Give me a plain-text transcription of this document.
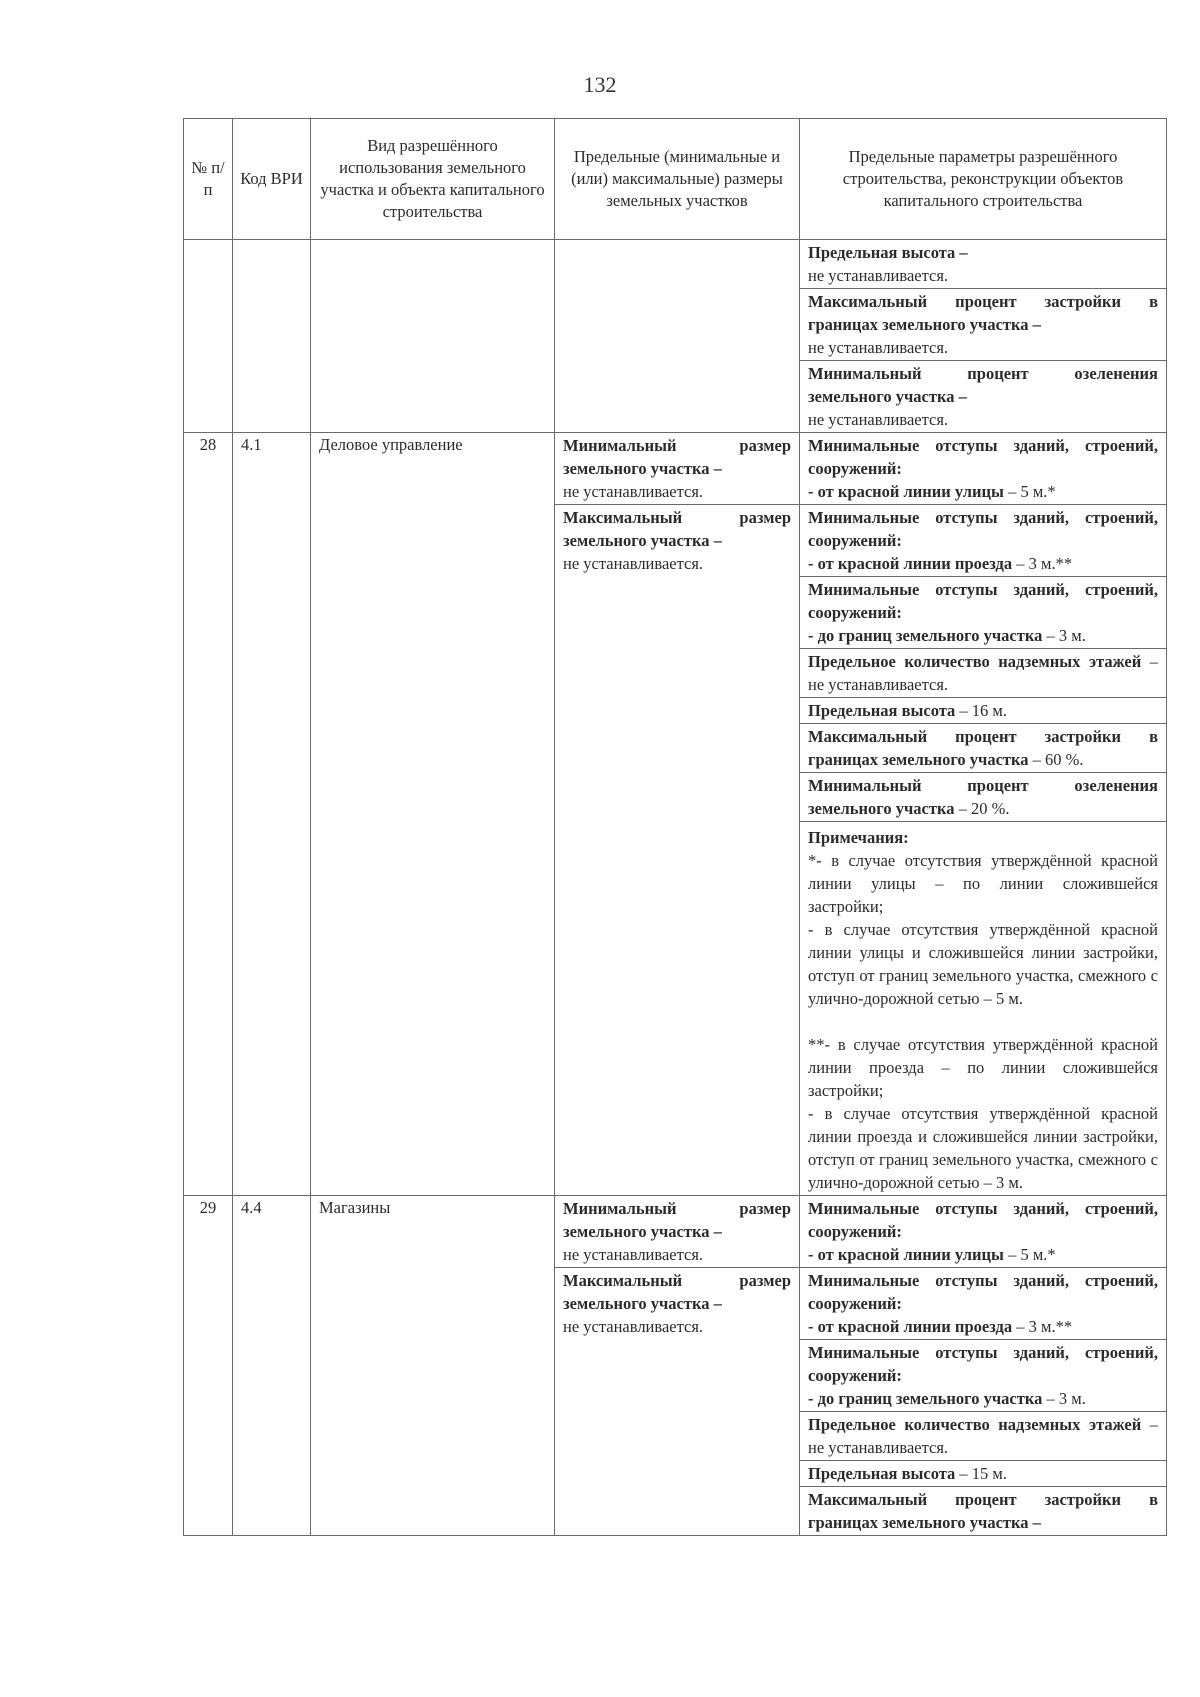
132
№ п/п	Код ВРИ	Вид разрешённого использования земельного участка и объекта капитального строительства	Предельные (минимальные и (или) максимальные) размеры земельных участков	Предельные параметры разрешённого строительства, реконструкции объектов капитального строительства

				Предельная высота –
не устанавливается.

				Максимальный процент застройки в границах земельного участка –
не устанавливается.

				Минимальный процент озеленения земельного участка –
не устанавливается.

28	4.1	Деловое управление	Минимальный размер земельного участка –
не устанавливается.	Минимальные отступы зданий, строений, сооружений:
- от красной линии улицы – 5 м.*

			Максимальный размер земельного участка –
не устанавливается.	Минимальные отступы зданий, строений, сооружений:
- от красной линии проезда – 3 м.**

				Минимальные отступы зданий, строений, сооружений:
- до границ земельного участка – 3 м.

				Предельное количество надземных этажей – не устанавливается.

				Предельная высота – 16 м.

				Максимальный процент застройки в границах земельного участка – 60 %.

				Минимальный процент озеленения земельного участка – 20 %.

				Примечания:
*- в случае отсутствия утверждённой красной линии улицы – по линии сложившейся застройки;
- в случае отсутствия утверждённой красной линии улицы и сложившейся линии застройки, отступ от границ земельного участка, смежного с улично-дорожной сетью – 5 м.
**- в случае отсутствия утверждённой красной линии проезда – по линии сложившейся застройки;
- в случае отсутствия утверждённой красной линии проезда и сложившейся линии застройки, отступ от границ земельного участка, смежного с улично-дорожной сетью – 3 м.

29	4.4	Магазины	Минимальный размер земельного участка –
не устанавливается.	Минимальные отступы зданий, строений, сооружений:
- от красной линии улицы – 5 м.*

			Максимальный размер земельного участка –
не устанавливается.	Минимальные отступы зданий, строений, сооружений:
- от красной линии проезда – 3 м.**

				Минимальные отступы зданий, строений, сооружений:
- до границ земельного участка – 3 м.

				Предельное количество надземных этажей – не устанавливается.

				Предельная высота – 15 м.

				Максимальный процент застройки в границах земельного участка –
